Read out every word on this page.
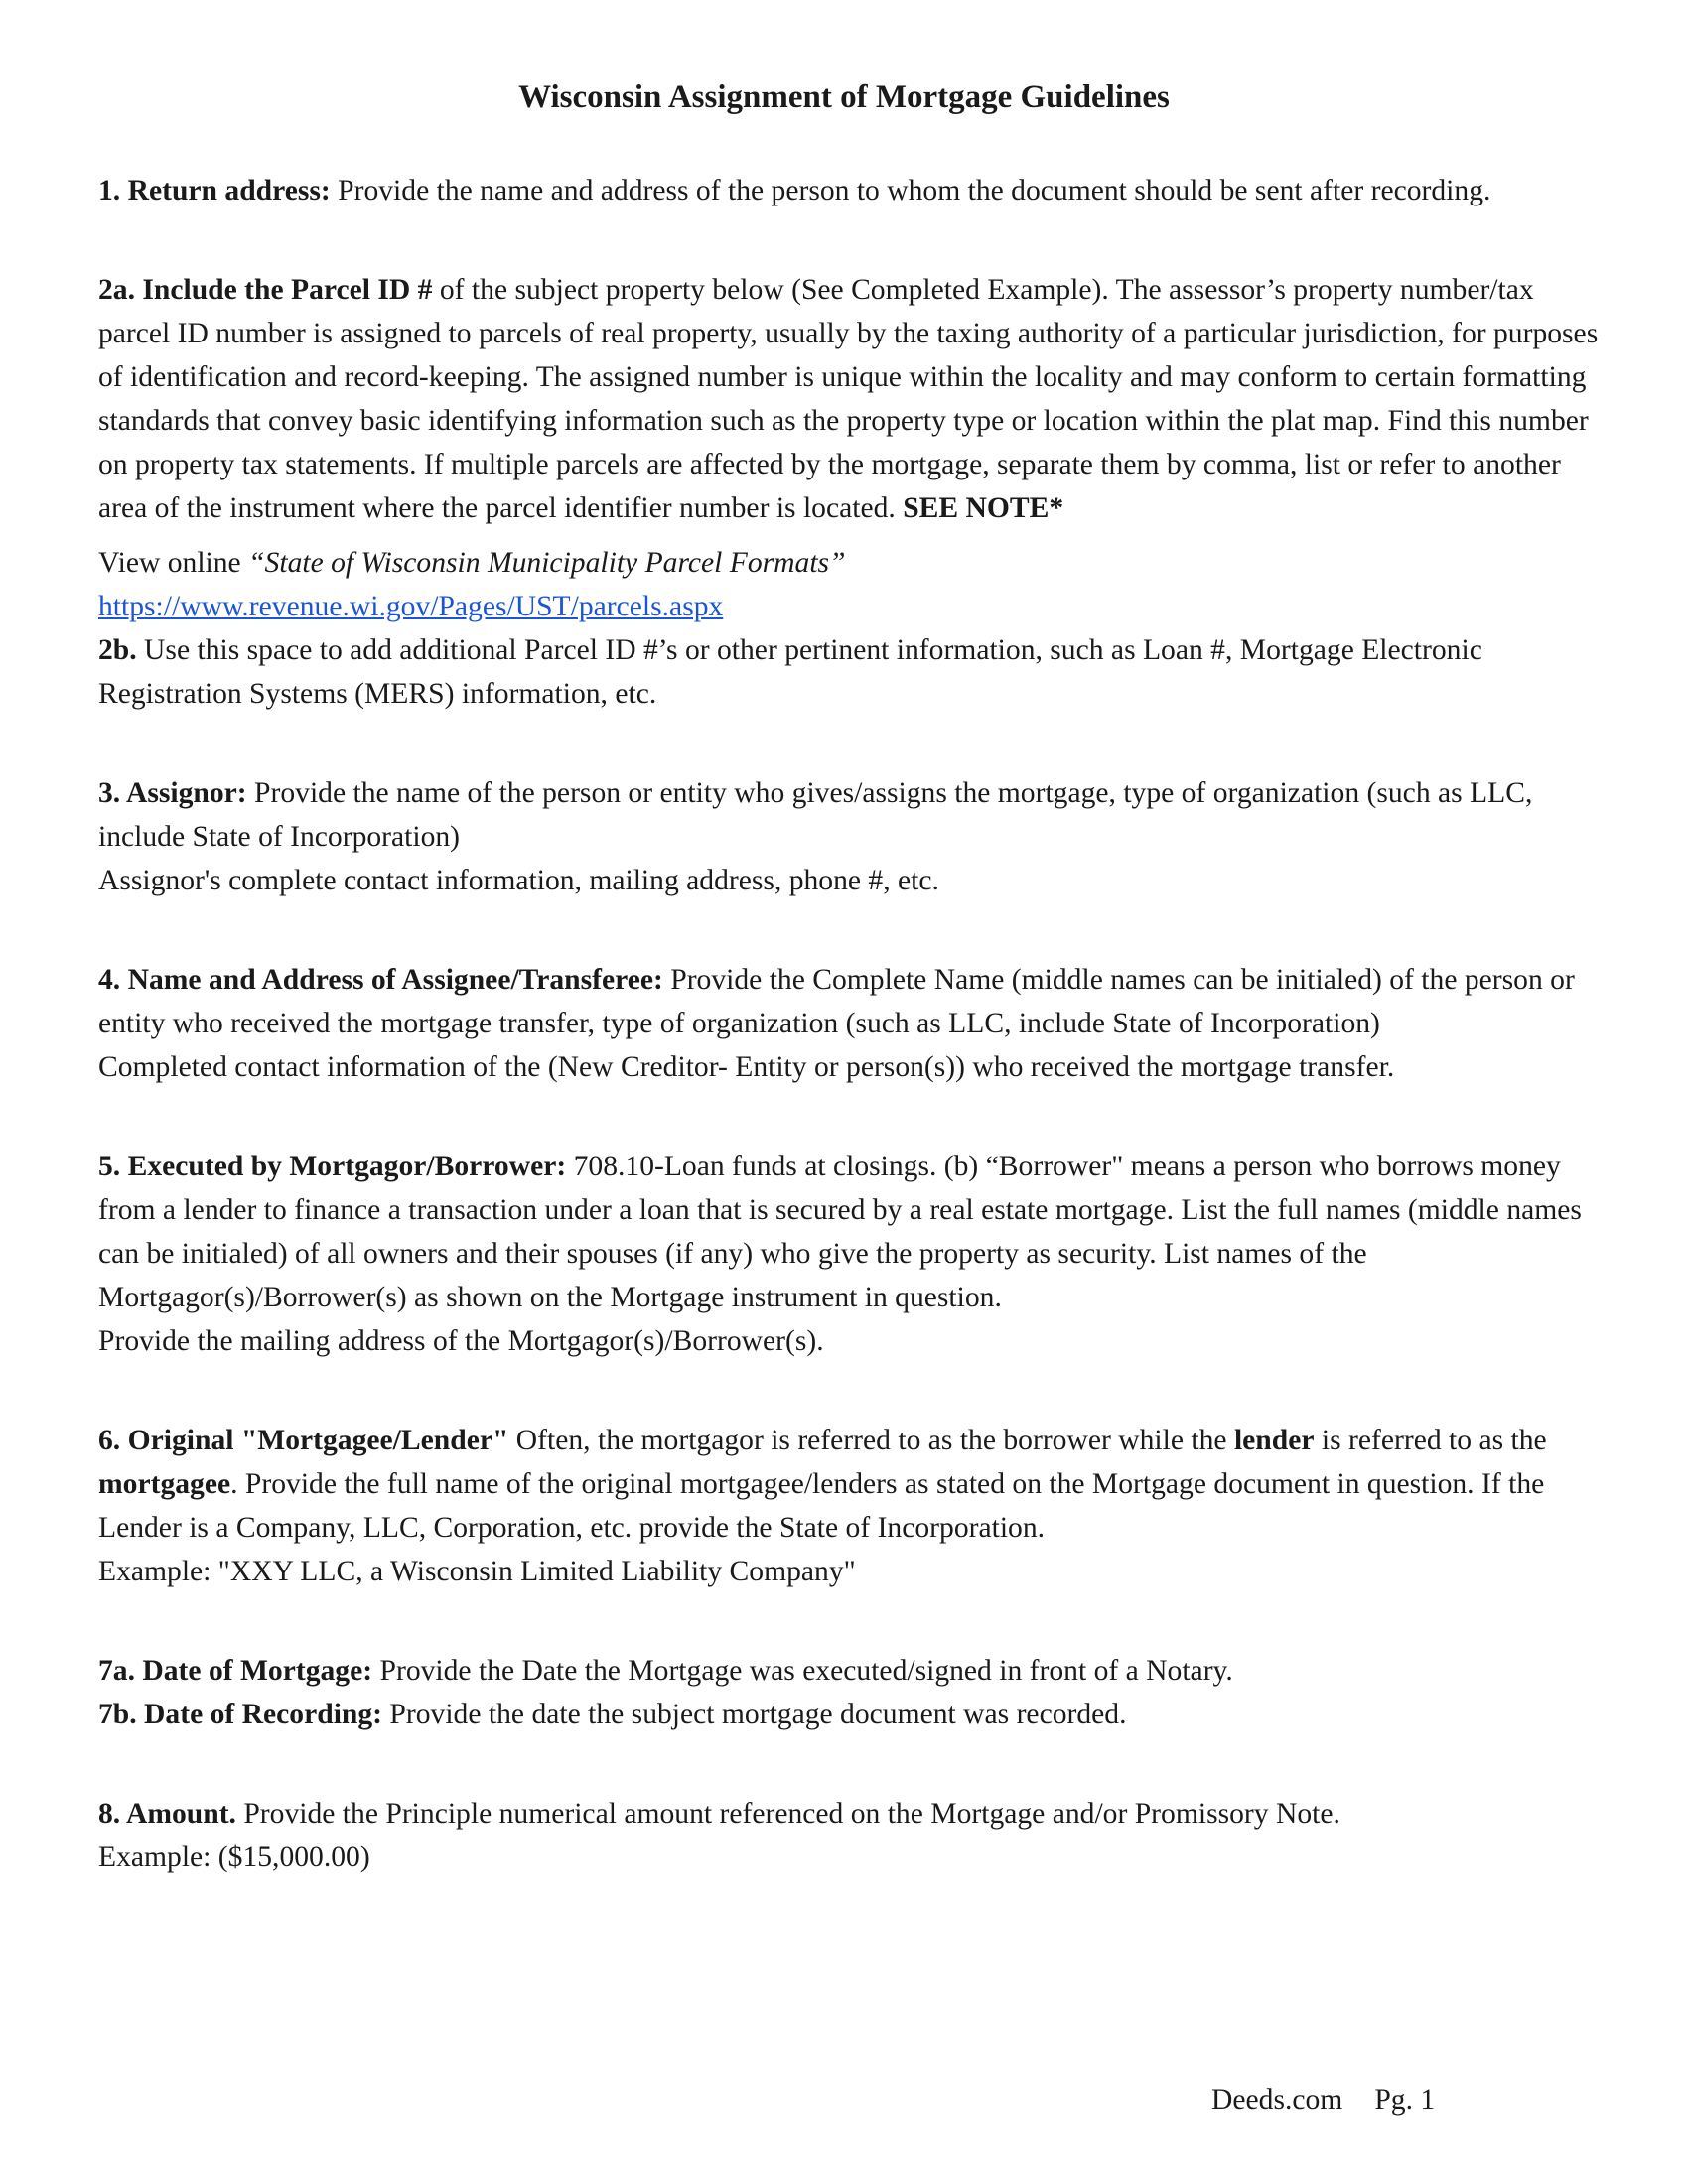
Wisconsin Assignment of Mortgage Guidelines

1. Return address: Provide the name and address of the person to whom the document should be sent after recording.

2a. Include the Parcel ID # of the subject property below (See Completed Example). The assessor’s property number/tax parcel ID number is assigned to parcels of real property, usually by the taxing authority of a particular jurisdiction, for purposes of identification and record-keeping. The assigned number is unique within the locality and may conform to certain formatting standards that convey basic identifying information such as the property type or location within the plat map. Find this number on property tax statements. If multiple parcels are affected by the mortgage, separate them by comma, list or refer to another area of the instrument where the parcel identifier number is located. SEE NOTE*

View online “State of Wisconsin Municipality Parcel Formats”
https://www.revenue.wi.gov/Pages/UST/parcels.aspx

2b. Use this space to add additional Parcel ID #’s or other pertinent information, such as Loan #, Mortgage Electronic Registration Systems (MERS) information, etc.

3. Assignor: Provide the name of the person or entity who gives/assigns the mortgage, type of organization (such as LLC, include State of Incorporation)
Assignor's complete contact information, mailing address, phone #, etc.

4. Name and Address of Assignee/Transferee: Provide the Complete Name (middle names can be initialed) of the person or entity who received the mortgage transfer, type of organization (such as LLC, include State of Incorporation)
Completed contact information of the (New Creditor- Entity or person(s)) who received the mortgage transfer.

5. Executed by Mortgagor/Borrower: 708.10-Loan funds at closings. (b) “Borrower" means a person who borrows money from a lender to finance a transaction under a loan that is secured by a real estate mortgage. List the full names (middle names can be initialed) of all owners and their spouses (if any) who give the property as security. List names of the Mortgagor(s)/Borrower(s) as shown on the Mortgage instrument in question.
Provide the mailing address of the Mortgagor(s)/Borrower(s).

6. Original "Mortgagee/Lender" Often, the mortgagor is referred to as the borrower while the lender is referred to as the mortgagee. Provide the full name of the original mortgagee/lenders as stated on the Mortgage document in question. If the Lender is a Company, LLC, Corporation, etc. provide the State of Incorporation.
Example: "XXY LLC, a Wisconsin Limited Liability Company"

7a. Date of Mortgage: Provide the Date the Mortgage was executed/signed in front of a Notary.
7b. Date of Recording: Provide the date the subject mortgage document was recorded.

8. Amount. Provide the Principle numerical amount referenced on the Mortgage and/or Promissory Note.
Example: ($15,000.00)

Deeds.com Pg. 1
